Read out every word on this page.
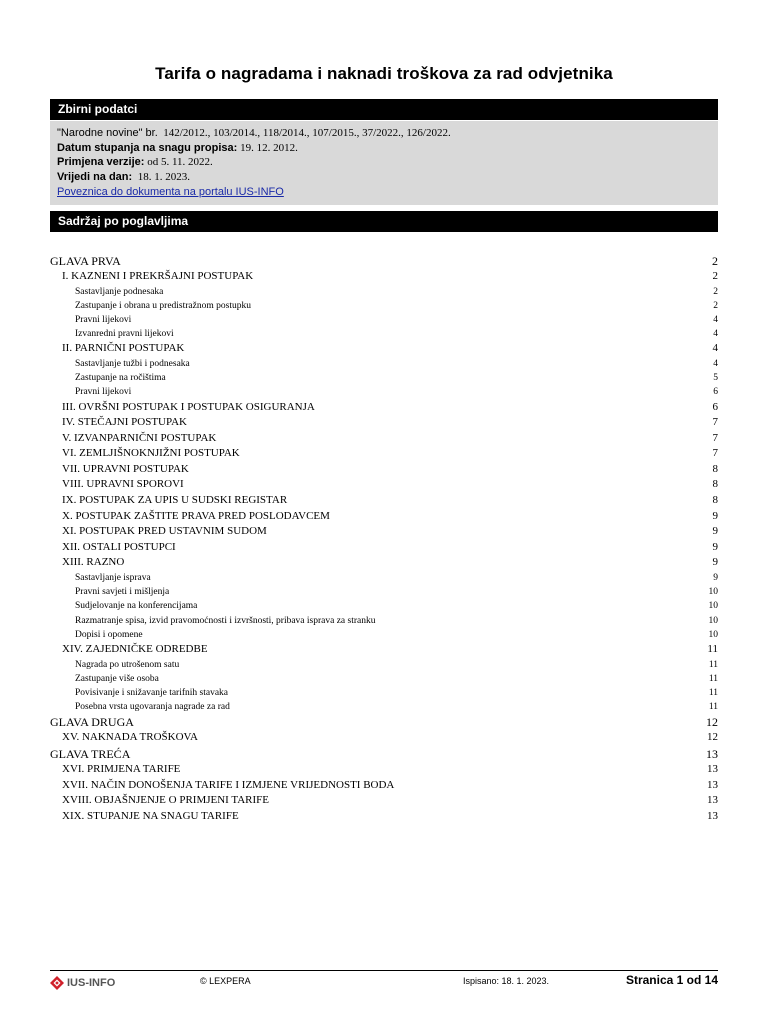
Tarifa o nagradama i naknadi troškova za rad odvjetnika
Zbirni podatci
"Narodne novine" br. 142/2012., 103/2014., 118/2014., 107/2015., 37/2022., 126/2022.
Datum stupanja na snagu propisa: 19. 12. 2012.
Primjena verzije: od 5. 11. 2022.
Vrijedi na dan: 18. 1. 2023.
Poveznica do dokumenta na portalu IUS-INFO
Sadržaj po poglavljima
GLAVA PRVA	2
I. KAZNENI I PREKRŠAJNI POSTUPAK	2
Sastavljanje podnesaka	2
Zastupanje i obrana u predistražnom postupku	2
Pravni lijekovi	4
Izvanredni pravni lijekovi	4
II. PARNIČNI POSTUPAK	4
Sastavljanje tužbi i podnesaka	4
Zastupanje na ročištima	5
Pravni lijekovi	6
III. OVRŠNI POSTUPAK I POSTUPAK OSIGURANJA	6
IV. STEČAJNI POSTUPAK	7
V. IZVANPARNIČNI POSTUPAK	7
VI. ZEMLJIŠNOKNJIŽNI POSTUPAK	7
VII. UPRAVNI POSTUPAK	8
VIII. UPRAVNI SPOROVI	8
IX. POSTUPAK ZA UPIS U SUDSKI REGISTAR	8
X. POSTUPAK ZAŠTITE PRAVA PRED POSLODAVCEM	9
XI. POSTUPAK PRED USTAVNIM SUDOM	9
XII. OSTALI POSTUPCI	9
XIII. RAZNO	9
Sastavljanje isprava	9
Pravni savjeti i mišljenja	10
Sudjelovanje na konferencijama	10
Razmatranje spisa, izvid pravomoćnosti i izvršnosti, pribava isprava za stranku	10
Dopisi i opomene	10
XIV. ZAJEDNIČKE ODREDBE	11
Nagrada po utrošenom satu	11
Zastupanje više osoba	11
Povisivanje i snižavanje tarifnih stavaka	11
Posebna vrsta ugovaranja nagrade za rad	11
GLAVA DRUGA	12
XV. NAKNADA TROŠKOVA	12
GLAVA TREĆA	13
XVI. PRIMJENA TARIFE	13
XVII. NAČIN DONOŠENJA TARIFE I IZMJENE VRIJEDNOSTI BODA	13
XVIII. OBJAŠNJENJE O PRIMJENI TARIFE	13
XIX. STUPANJE NA SNAGU TARIFE	13
IUS-INFO	© LEXPERA	Ispisano: 18. 1. 2023.	Stranica 1 od 14
